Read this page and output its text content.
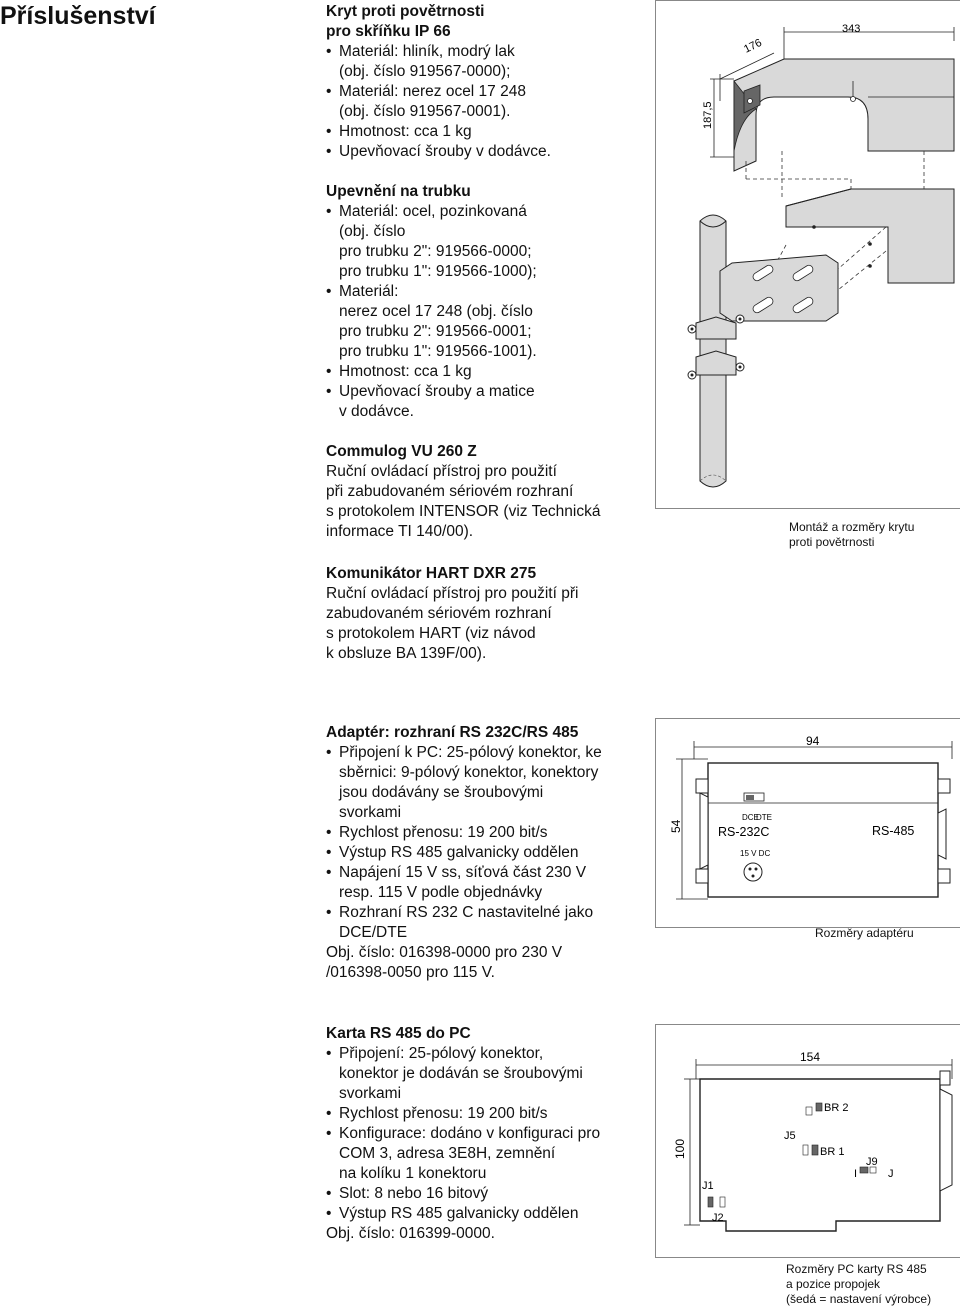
Příslušenství	Kryt proti povětrnosti
pro skříňku IP 66
• Materiál: hliník, modrý lak
(obj. číslo 919567-0000);
• Materiál: nerez ocel 17 248
(obj. číslo 919567-0001).
• Hmotnost: cca 1 kg
• Upevňovací šrouby v dodávce.
Upevnění na trubku
• Materiál: ocel, pozinkovaná
(obj. číslo
pro trubku 2": 919566-0000;
pro trubku 1": 919566-1000);
• Materiál:
nerez ocel 17 248 (obj. číslo
pro trubku 2": 919566-0001;
pro trubku 1": 919566-1001).
• Hmotnost: cca 1 kg
• Upevňovací šrouby a matice
v dodávce.
Commulog VU 260 Z

Ruční ovládací přístroj pro použití
při zabudovaném sériovém rozhraní
s protokolem INTENSOR (viz Technická
informace TI 140/00).

Komunikátor HART DXR 275

Ruční ovládací přístroj pro použití při
zabudovaném sériovém rozhraní
s protokolem HART (viz návod
k obsluze BA 139F/00).

Adaptér: rozhraní RS 232C/RS 485
• Připojení k PC: 25-pólový konektor, ke
sběrnici: 9-pólový konektor, konektory
jsou dodávány se šroubovými
svorkami
• Rychlost přenosu: 19 200 bit/s
• Výstup RS 485 galvanicky oddělen
• Napájení 15 V ss, síťová část 230 V
resp. 115 V podle objednávky
• Rozhraní RS 232 C nastavitelné jako
DCE/DTE

Obj. číslo: 016398-0000 pro 230 V
/016398-0050 pro 115 V.

Karta RS 485 do PC
• Připojení: 25-pólový konektor,
konektor je dodáván se šroubovými
svorkami
• Rychlost přenosu: 19 200 bit/s
• Konfigurace: dodáno v konfiguraci pro
COM 3, adresa 3E8H, zemnění
na kolíku 1 konektoru
• Slot: 8 nebo 16 bitový
• Výstup RS 485 galvanicky oddělen

Obj. číslo: 016399-0000.

343
176
187,5
Montáž a rozměry krytu
proti povětrnosti
94
54
DCE
DTE
RS-232C	RS-485
15 V DC
Rozměry adaptéru
154
100
BR 2
J5
BR 1
J9
I	J
J1
J2
Rozměry PC karty RS 485
a pozice propojek
(šedá = nastavení výrobce)
